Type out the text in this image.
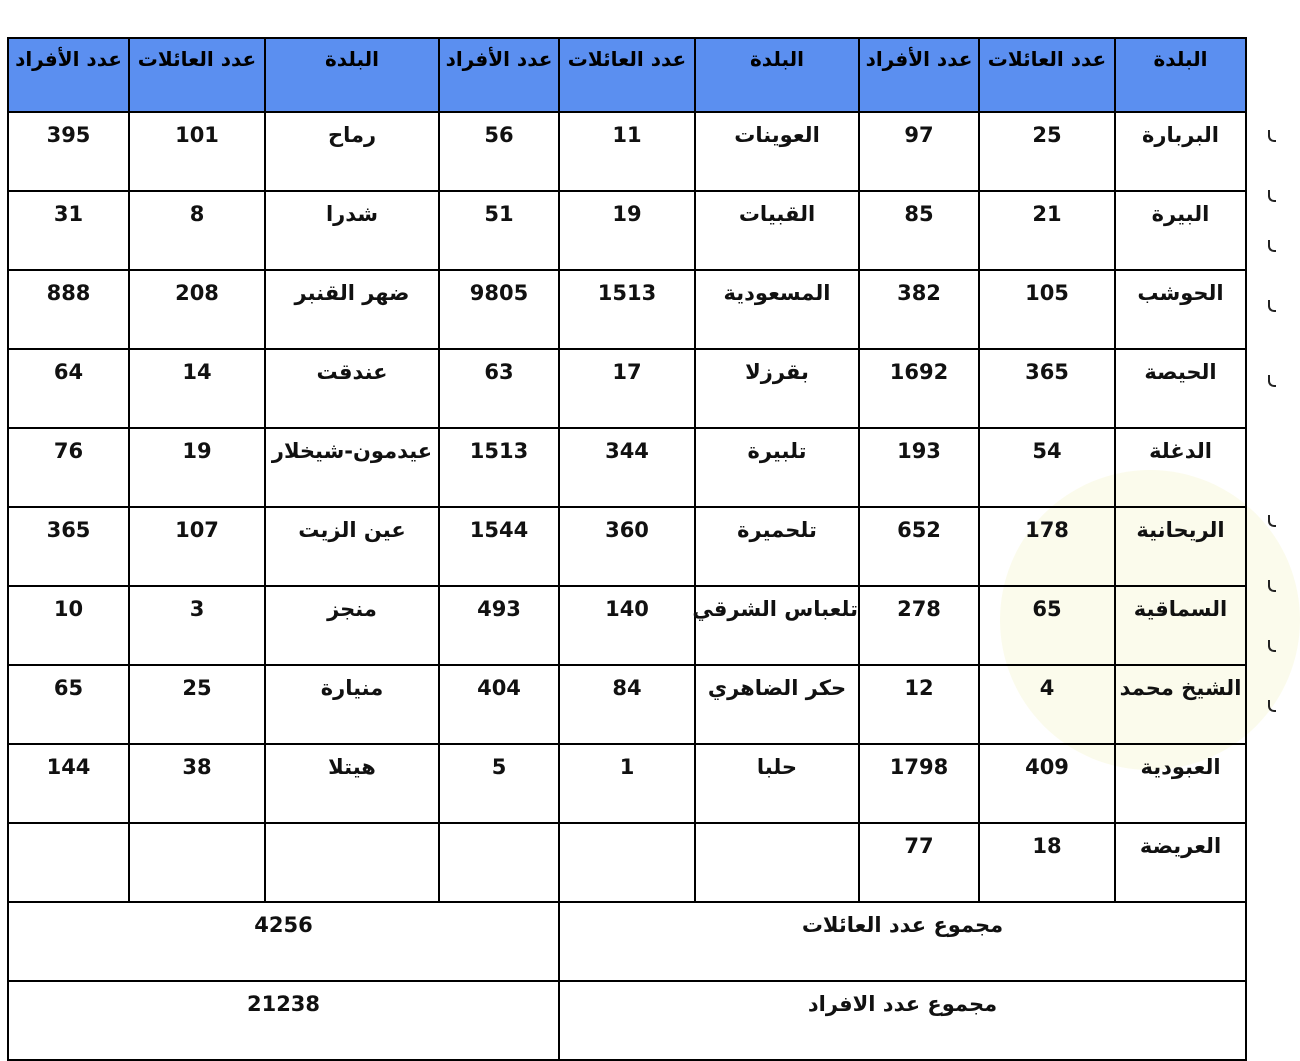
البلدة	عدد العائلات	عدد الأفراد	البلدة	عدد العائلات	عدد الأفراد	البلدة	عدد العائلات	عدد الأفراد
البربارة	25	97	العوينات	11	56	رماح	101	395
البيرة	21	85	القبيات	19	51	شدرا	8	31
الحوشب	105	382	المسعودية	1513	9805	ضهر القنبر	208	888
الحيصة	365	1692	بقرزلا	17	63	عندقت	14	64
الدغلة	54	193	تلبيرة	344	1513	عيدمون-شيخلار	19	76
الريحانية	178	652	تلحميرة	360	1544	عين الزيت	107	365
السماقية	65	278	تلعباس الشرقي	140	493	منجز	3	10
الشيخ محمد	4	12	حكر الضاهري	84	404	منيارة	25	65
العبودية	409	1798	حلبا	1	5	هيتلا	38	144
العريضة	18	77						
مجموع عدد العائلات					4256			
مجموع عدد الافراد					21238			
